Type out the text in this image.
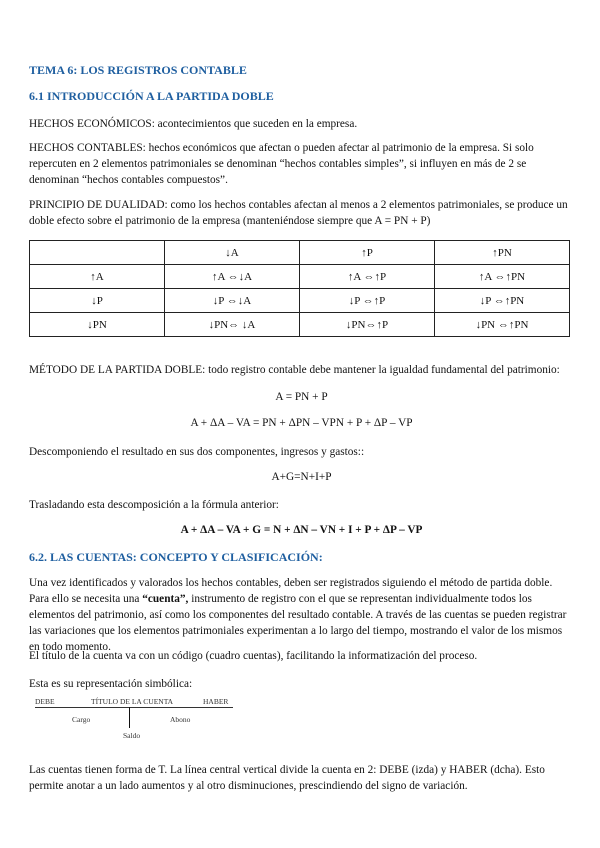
TEMA 6: LOS REGISTROS CONTABLE
6.1 INTRODUCCIÓN A LA PARTIDA DOBLE
HECHOS ECONÓMICOS: acontecimientos que suceden en la empresa.
HECHOS CONTABLES: hechos económicos que afectan o pueden afectar al patrimonio de la empresa. Si solo repercuten en 2 elementos patrimoniales se denominan “hechos contables simples”, si influyen en más de 2 se denominan “hechos contables compuestos”.
PRINCIPIO DE DUALIDAD: como los hechos contables afectan al menos a 2 elementos patrimoniales, se produce un doble efecto sobre el patrimonio de la empresa (manteniéndose siempre que A = PN + P)
	↓A	↑P	↑PN
↑A	↑A ⇔↓A	↑A ⇔↑P	↑A ⇔↑PN
↓P	↓P ⇔↓A	↓P ⇔↑P	↓P ⇔↑PN
↓PN	↓PN⇔ ↓A	↓PN⇔↑P	↓PN ⇔↑PN
MÉTODO DE LA PARTIDA DOBLE: todo registro contable debe mantener la igualdad fundamental del patrimonio:
A = PN + P
A + ΔA – VA = PN + ΔPN – VPN + P + ΔP – VP
Descomponiendo el resultado en sus dos componentes, ingresos y gastos::
A+G=N+I+P
Trasladando esta descomposición a la fórmula anterior:
A + ΔA – VA + G = N + ΔN – VN + I + P + ΔP – VP
6.2. LAS CUENTAS: CONCEPTO Y CLASIFICACIÓN:
Una vez identificados y valorados los hechos contables, deben ser registrados siguiendo el método de partida doble. Para ello se necesita una “cuenta”, instrumento de registro con el que se representan individualmente todos los elementos del patrimonio, así como los componentes del resultado contable. A través de las cuentas se pueden registrar las variaciones que los elementos patrimoniales experimentan a lo largo del tiempo, mostrando el valor de los mismos en todo momento.
El título de la cuenta va con un código (cuadro cuentas), facilitando la informatización del proceso.
Esta es su representación simbólica:
DEBE	TÍTULO DE LA CUENTA	HABER
Cargo	Abono
Saldo
Las cuentas tienen forma de T. La línea central vertical divide la cuenta en 2: DEBE (izda) y HABER (dcha). Esto permite anotar a un lado aumentos y al otro disminuciones, prescindiendo del signo de variación.
